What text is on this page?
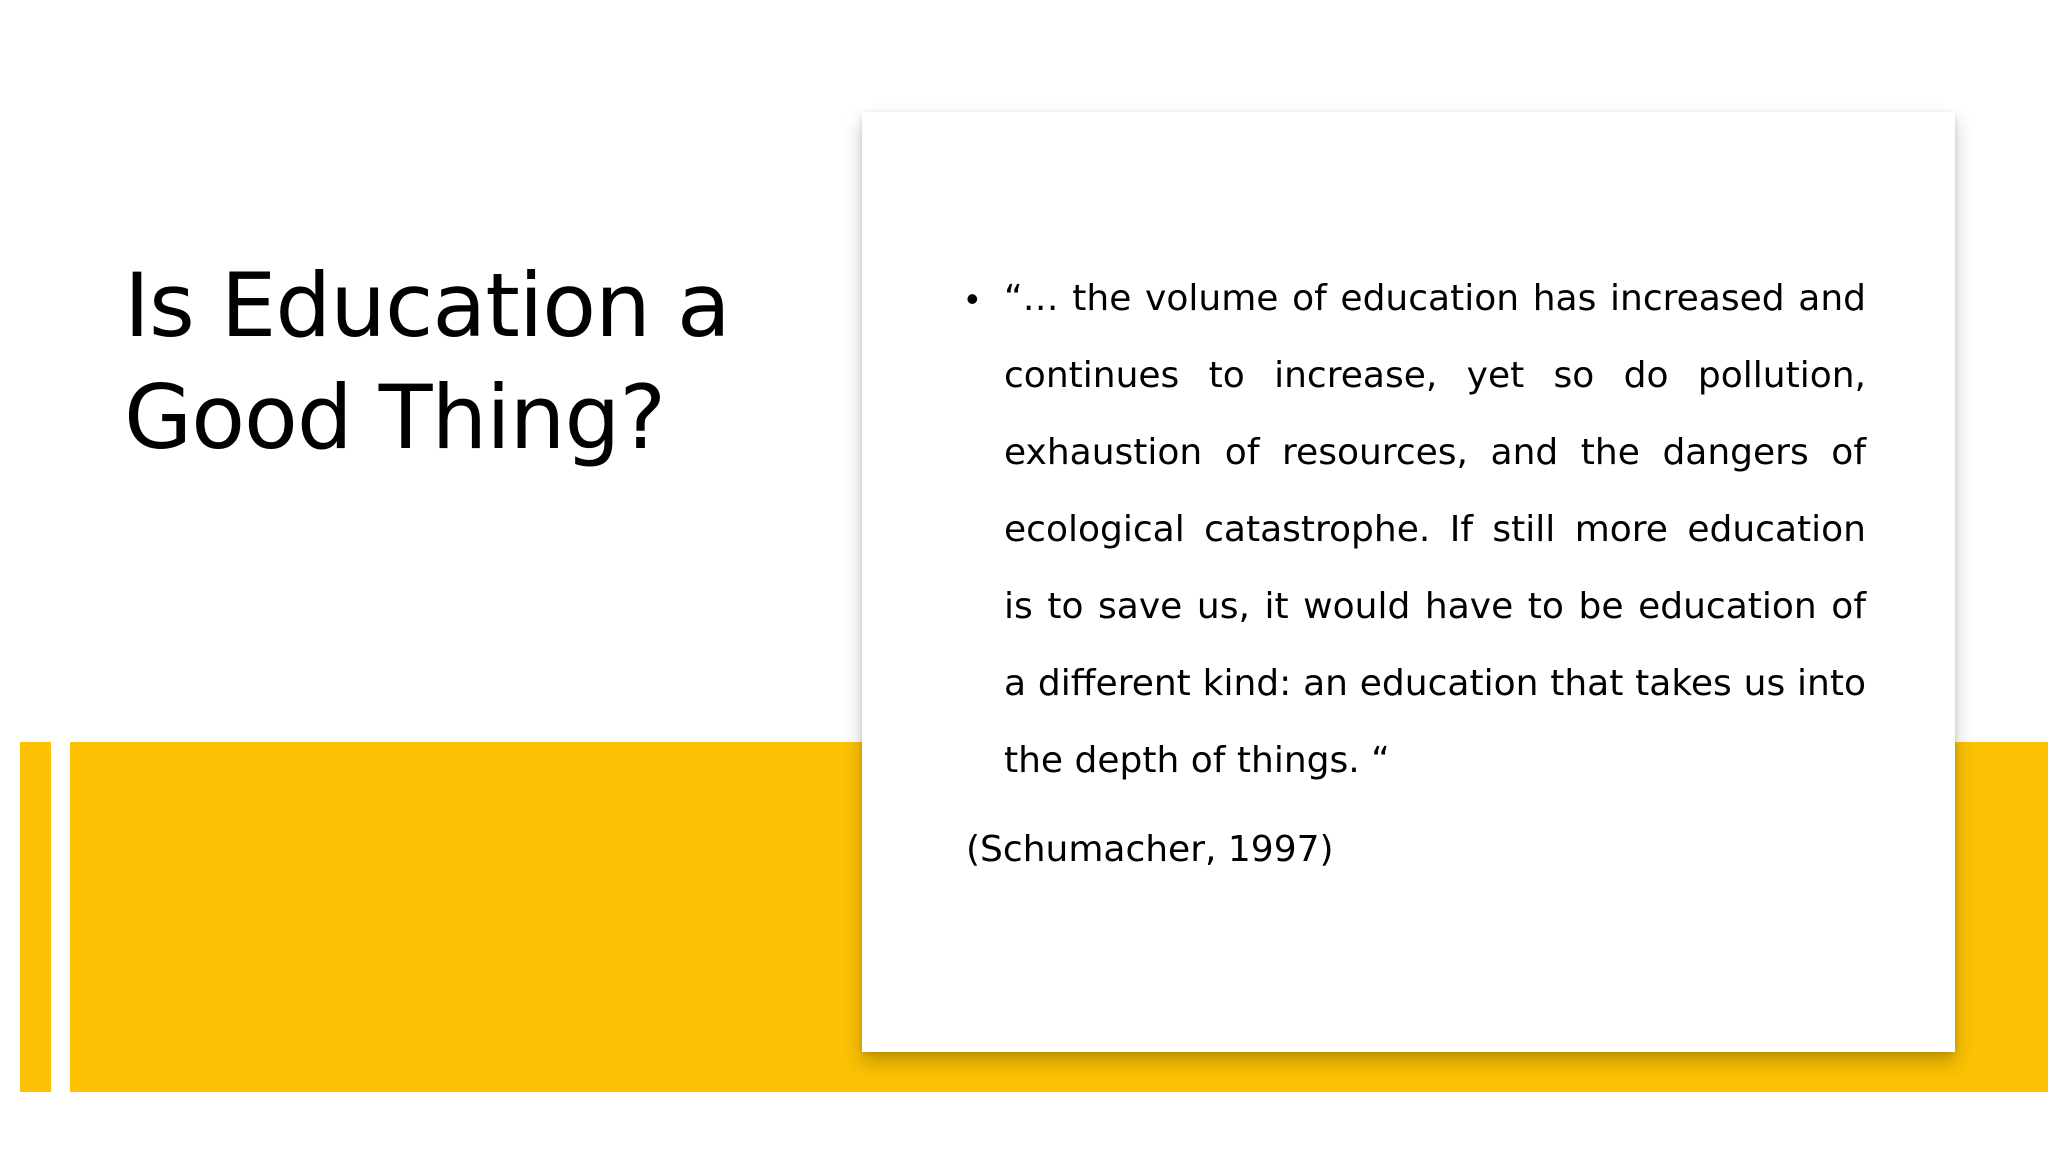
Is Education a Good Thing?
• “… the volume of education has increased and continues to increase, yet so do pollution, exhaustion of resources, and the dangers of ecological catastrophe. If still more education is to save us, it would have to be education of a different kind: an education that takes us into the depth of things. “

(Schumacher, 1997)
